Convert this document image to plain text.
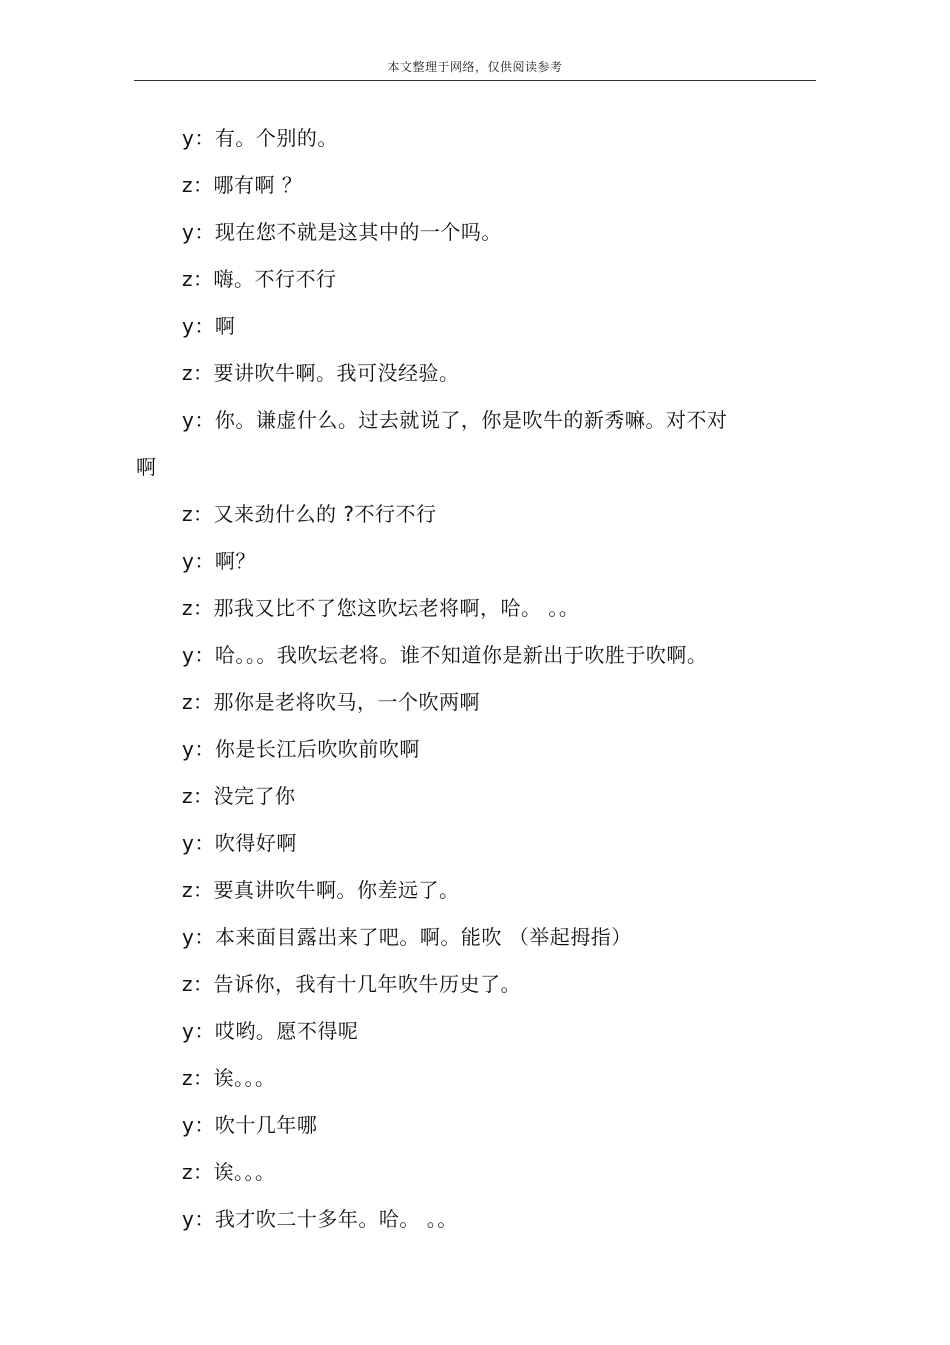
本文整理于网络，仅供阅读参考
y：有。个别的。
z：哪有啊 ？
y：现在您不就是这其中的一个吗。
z：嗨。不行不行
y：啊
z：要讲吹牛啊。我可没经验。
y：你。谦虚什么。过去就说了，你是吹牛的新秀嘛。对不对
啊
z：又来劲什么的 ?不行不行
y：啊？
z：那我又比不了您这吹坛老将啊，哈。 。。
y：哈。。。我吹坛老将。谁不知道你是新出于吹胜于吹啊。
z：那你是老将吹马，一个吹两啊
y：你是长江后吹吹前吹啊
z：没完了你
y：吹得好啊
z：要真讲吹牛啊。你差远了。
y：本来面目露出来了吧。啊。能吹 （举起拇指）
z：告诉你，我有十几年吹牛历史了。
y：哎哟。愿不得呢
z：诶。。。
y：吹十几年哪
z：诶。。。
y：我才吹二十多年。哈。 。。
